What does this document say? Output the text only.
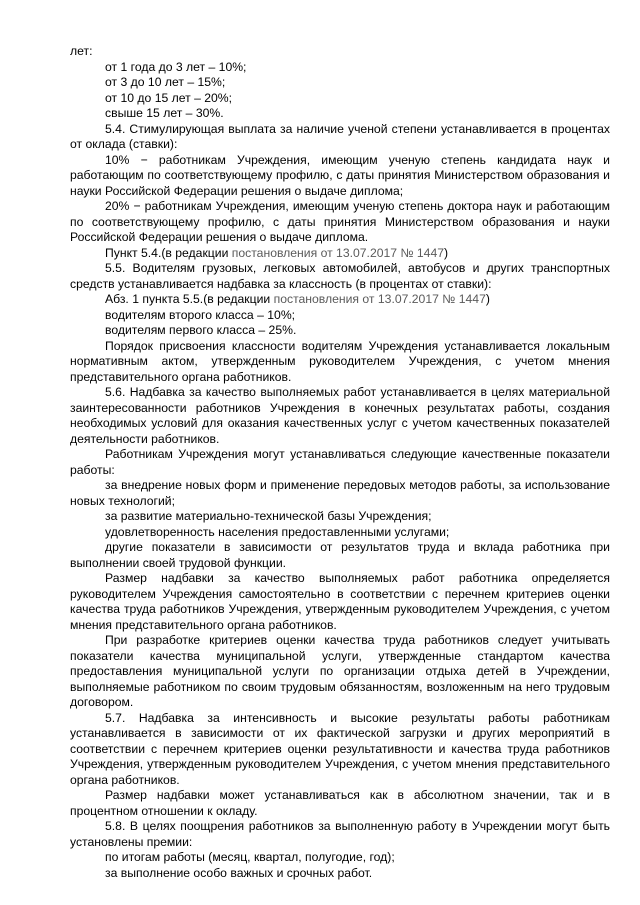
лет:

от 1 года до 3 лет – 10%;

от 3 до 10 лет – 15%;

от 10 до 15 лет – 20%;

свыше 15 лет – 30%.

5.4. Стимулирующая выплата за наличие ученой степени устанавливается в процентах от оклада (ставки):

10% − работникам Учреждения, имеющим ученую степень кандидата наук и работающим по соответствующему профилю, с даты принятия Министерством образования и науки Российской Федерации решения о выдаче диплома;

20% − работникам Учреждения, имеющим ученую степень доктора наук и работающим по соответствующему профилю, с даты принятия Министерством образования и науки Российской Федерации решения о выдаче диплома.

Пункт 5.4.(в редакции постановления от 13.07.2017 № 1447)

5.5. Водителям грузовых, легковых автомобилей, автобусов и других транспортных средств устанавливается надбавка за классность (в процентах от ставки):

Абз. 1 пункта 5.5.(в редакции постановления от 13.07.2017 № 1447)

водителям второго класса – 10%;

водителям первого класса – 25%.

Порядок присвоения классности водителям Учреждения устанавливается локальным нормативным актом, утвержденным руководителем Учреждения, с учетом мнения представительного органа работников.

5.6. Надбавка за качество выполняемых работ устанавливается в целях материальной заинтересованности работников Учреждения в конечных результатах работы, создания необходимых условий для оказания качественных услуг с учетом качественных показателей деятельности работников.

Работникам Учреждения могут устанавливаться следующие качественные показатели работы:

за внедрение новых форм и применение передовых методов работы, за использование новых технологий;

за развитие материально-технической базы Учреждения;

удовлетворенность населения предоставленными услугами;

другие показатели в зависимости от результатов труда и вклада работника при выполнении своей трудовой функции.

Размер надбавки за качество выполняемых работ работника определяется руководителем Учреждения самостоятельно в соответствии с перечнем критериев оценки качества труда работников Учреждения, утвержденным руководителем Учреждения, с учетом мнения представительного органа работников.

При разработке критериев оценки качества труда работников следует учитывать показатели качества муниципальной услуги, утвержденные стандартом качества предоставления муниципальной услуги по организации отдыха детей в Учреждении, выполняемые работником по своим трудовым обязанностям, возложенным на него трудовым договором.

5.7. Надбавка за интенсивность и высокие результаты работы работникам устанавливается в зависимости от их фактической загрузки и других мероприятий в соответствии с перечнем критериев оценки результативности и качества труда работников Учреждения, утвержденным руководителем Учреждения, с учетом мнения представительного органа работников.

Размер надбавки может устанавливаться как в абсолютном значении, так и в процентном отношении к окладу.

5.8. В целях поощрения работников за выполненную работу в Учреждении могут быть установлены премии:

по итогам работы (месяц, квартал, полугодие, год);

за выполнение особо важных и срочных работ.
